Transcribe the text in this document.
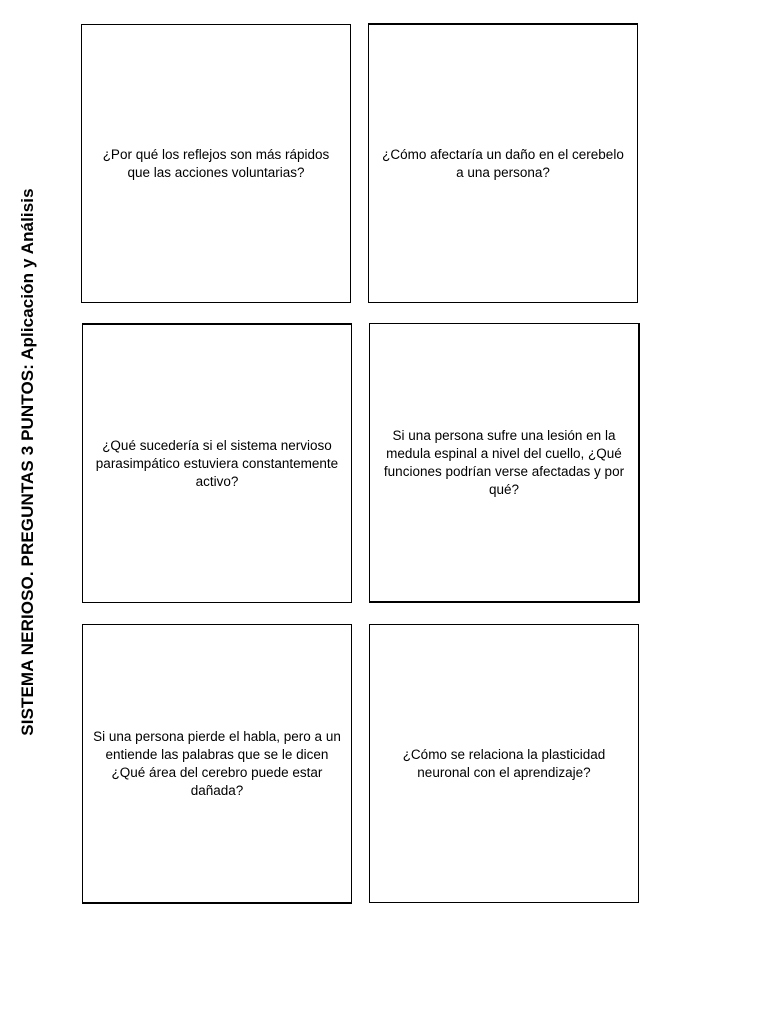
SISTEMA NERIOSO. PREGUNTAS 3 PUNTOS: Aplicación y Análisis
¿Por qué los reflejos son más rápidos que las acciones voluntarias?
¿Cómo afectaría un daño en el cerebelo a una persona?
¿Qué sucedería si el sistema nervioso parasimpático estuviera constantemente activo?
Si una persona sufre una lesión en la medula espinal a nivel del cuello, ¿Qué funciones podrían verse afectadas y por qué?
Si una persona pierde el habla, pero a un entiende las palabras que se le dicen ¿Qué área del cerebro puede estar dañada?
¿Cómo se relaciona la plasticidad neuronal con el aprendizaje?
